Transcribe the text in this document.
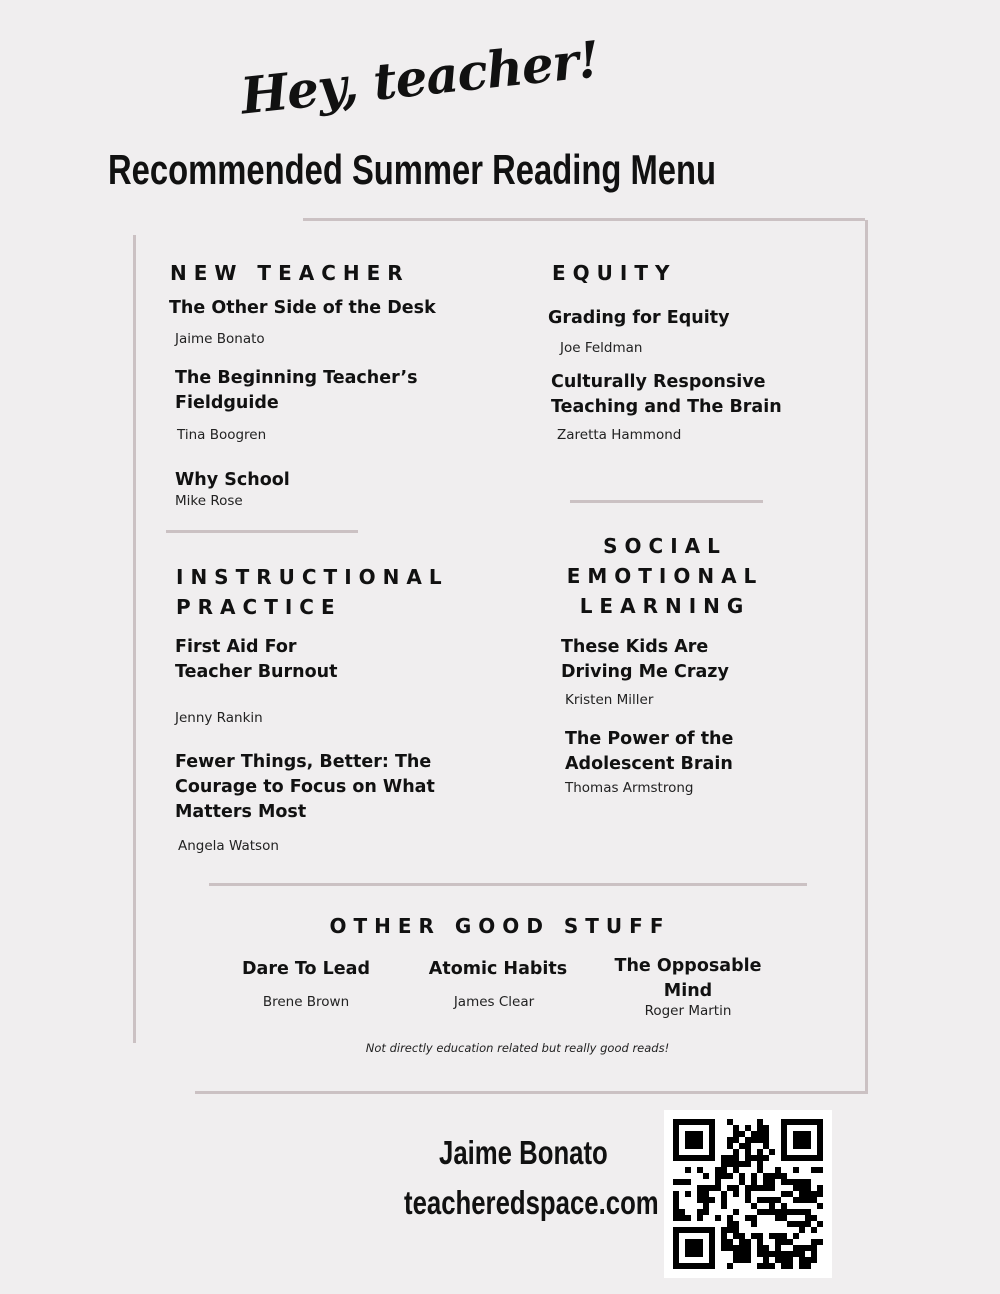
Hey, teacher!
Recommended Summer Reading Menu
NEW TEACHER
The Other Side of the Desk
Jaime Bonato
The Beginning Teacher’s Fieldguide
Tina Boogren
Why School
Mike Rose
EQUITY
Grading for Equity
Joe Feldman
Culturally Responsive Teaching and The Brain
Zaretta Hammond
INSTRUCTIONAL PRACTICE
First Aid For Teacher Burnout
Jenny Rankin
Fewer Things, Better: The Courage to Focus on What Matters Most
Angela Watson
SOCIAL EMOTIONAL LEARNING
These Kids Are Driving Me Crazy
Kristen Miller
The Power of the Adolescent Brain
Thomas Armstrong
OTHER GOOD STUFF
Dare To Lead
Brene Brown
Atomic Habits
James Clear
The Opposable Mind
Roger Martin
Not directly education related but really good reads!
Jaime Bonato
teacheredspace.com
